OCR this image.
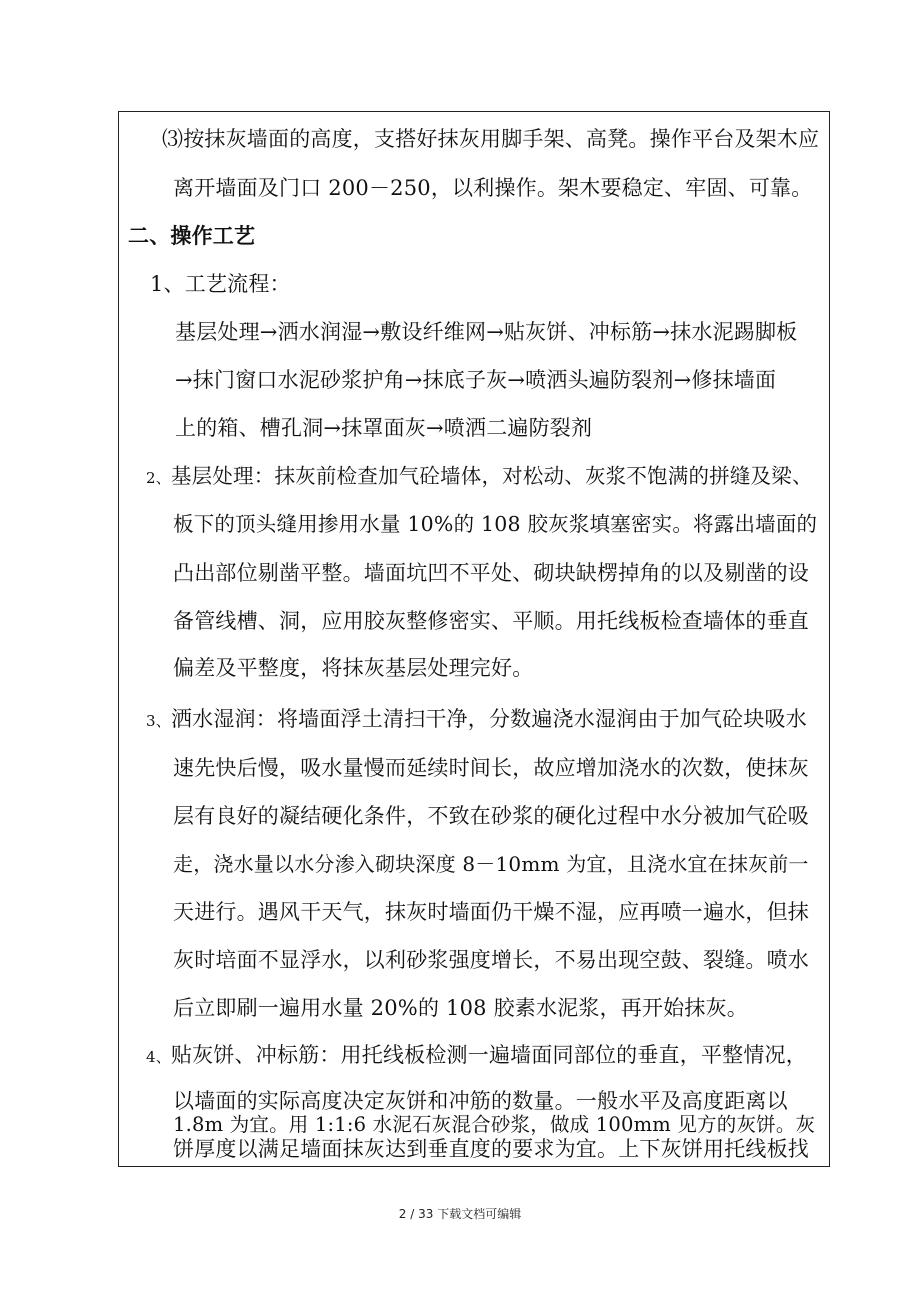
⑶按抹灰墙面的高度，支搭好抹灰用脚手架、高凳。操作平台及架木应
离开墙面及门口 200－250，以利操作。架木要稳定、牢固、可靠。
二、操作工艺
1、工艺流程：
基层处理→洒水润湿→敷设纤维网→贴灰饼、冲标筋→抹水泥踢脚板
→抹门窗口水泥砂浆护角→抹底子灰→喷洒头遍防裂剂→修抹墙面
上的箱、槽孔洞→抹罩面灰→喷洒二遍防裂剂
2、基层处理：抹灰前检查加气砼墙体，对松动、灰浆不饱满的拼缝及梁、
板下的顶头缝用掺用水量 10%的 108 胶灰浆填塞密实。将露出墙面的
凸出部位剔凿平整。墙面坑凹不平处、砌块缺楞掉角的以及剔凿的设
备管线槽、洞，应用胶灰整修密实、平顺。用托线板检查墙体的垂直
偏差及平整度，将抹灰基层处理完好。
3、洒水湿润：将墙面浮土清扫干净，分数遍浇水湿润由于加气砼块吸水
速先快后慢，吸水量慢而延续时间长，故应增加浇水的次数，使抹灰
层有良好的凝结硬化条件，不致在砂浆的硬化过程中水分被加气砼吸
走，浇水量以水分渗入砌块深度 8－10mm 为宜，且浇水宜在抹灰前一
天进行。遇风干天气，抹灰时墙面仍干燥不湿，应再喷一遍水，但抹
灰时培面不显浮水，以利砂浆强度增长，不易出现空鼓、裂缝。喷水
后立即刷一遍用水量 20%的 108 胶素水泥浆，再开始抹灰。
4、贴灰饼、冲标筋：用托线板检测一遍墙面同部位的垂直，平整情况，
以墙面的实际高度决定灰饼和冲筋的数量。一般水平及高度距离以
1.8m 为宜。用 1:1:6 水泥石灰混合砂浆，做成 100mm 见方的灰饼。灰
饼厚度以满足墙面抹灰达到垂直度的要求为宜。上下灰饼用托线板找
2 / 33 下载文档可编辑
